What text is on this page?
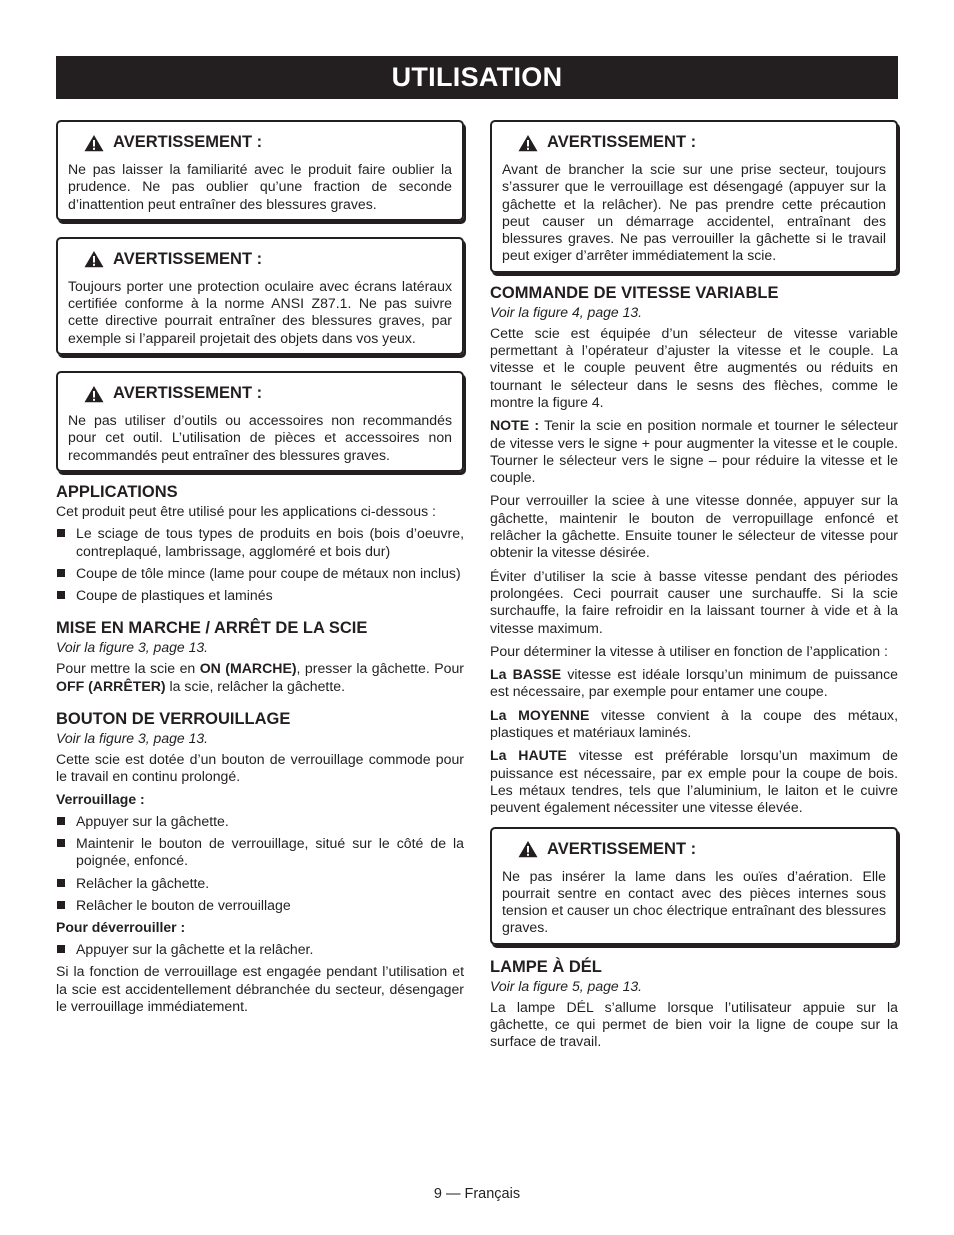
UTILISATION
AVERTISSEMENT :

Ne pas laisser la familiarité avec le produit faire oublier la prudence. Ne pas oublier qu’une fraction de seconde d’inattention peut entraîner des blessures graves.

AVERTISSEMENT :

Toujours porter une protection oculaire avec écrans latéraux certifiée conforme à la norme ANSI Z87.1. Ne pas suivre cette directive pourrait entraîner des blessures graves, par exemple si l’appareil projetait des objets dans vos yeux.

AVERTISSEMENT :

Ne pas utiliser d’outils ou accessoires non recommandés pour cet outil. L’utilisation de pièces et accessoires non recommandés peut entraîner des blessures graves.

APPLICATIONS

Cet produit peut être utilisé pour les applications ci-dessous :

Le sciage de tous types de produits en bois (bois d’oeuvre, contreplaqué, lambrissage, aggloméré et bois dur)
Coupe de tôle mince (lame pour coupe de métaux non inclus)
Coupe de plastiques et laminés
MISE EN MARCHE / ARRÊT DE LA SCIE

Voir la figure 3, page 13.

Pour mettre la scie en ON (MARCHE), presser la gâchette. Pour OFF (ARRÊTER) la scie, relâcher la gâchette.

BOUTON DE VERROUILLAGE

Voir la figure 3, page 13.

Cette scie est dotée d’un bouton de verrouillage commode pour le travail en continu prolongé.

Verrouillage :

Appuyer sur la gâchette.
Maintenir le bouton de verrouillage, situé sur le côté de la poignée, enfoncé.
Relâcher la gâchette.
Relâcher le bouton de verrouillage

Pour déverrouiller :

Appuyer sur la gâchette et la relâcher.

Si la fonction de verrouillage est engagée pendant l’utilisation et la scie est accidentellement débranchée du secteur, désengager le verrouillage immédiatement.

AVERTISSEMENT :

Avant de brancher la scie sur une prise secteur, toujours s’assurer que le verrouillage est désengagé (appuyer sur la gâchette et la relâcher). Ne pas prendre cette précaution peut causer un démarrage accidentel, entraînant des blessures graves. Ne pas verrouiller la gâchette si le travail peut exiger d’arrêter immédiatement la scie.

COMMANDE DE VITESSE VARIABLE

Voir la figure 4, page 13.

Cette scie est équipée d’un sélecteur de vitesse variable permettant à l’opérateur d’ajuster la vitesse et le couple. La vitesse et le couple peuvent être augmentés ou réduits en tournant le sélecteur dans le sesns des flèches, comme le montre la figure 4.

NOTE : Tenir la scie en position normale et tourner le sélecteur de vitesse vers le signe + pour augmenter la vitesse et le couple. Tourner le sélecteur vers le signe – pour réduire la vitesse et le couple.

Pour verrouiller la sciee à une vitesse donnée, appuyer sur la gâchette, maintenir le bouton de verropuillage enfoncé et relâcher la gâchette. Ensuite touner le sélecteur de vitesse pour obtenir la vitesse désirée.

Éviter d’utiliser la scie à basse vitesse pendant des périodes prolongées. Ceci pourrait causer une surchauffe. Si la scie surchauffe, la faire refroidir en la laissant tourner à vide et à la vitesse maximum.

Pour déterminer la vitesse à utiliser en fonction de l’application :

La BASSE vitesse est idéale lorsqu’un minimum de puissance est nécessaire, par exemple pour entamer une coupe.

La MOYENNE vitesse convient à la coupe des métaux, plastiques et matériaux laminés.

La HAUTE vitesse est préférable lorsqu’un maximum de puissance est nécessaire, par ex emple pour la coupe de bois. Les métaux tendres, tels que l’aluminium, le laiton et le cuivre peuvent également nécessiter une vitesse élevée.

AVERTISSEMENT :

Ne pas insérer la lame dans les ouïes d’aération. Elle pourrait sentre en contact avec des pièces internes sous tension et causer un choc électrique entraînant des blessures graves.

LAMPE À DÉL

Voir la figure 5, page 13.

La lampe DÉL s’allume lorsque l’utilisateur appuie sur la gâchette, ce qui permet de bien voir la ligne de coupe sur la surface de travail.

9 — Français
